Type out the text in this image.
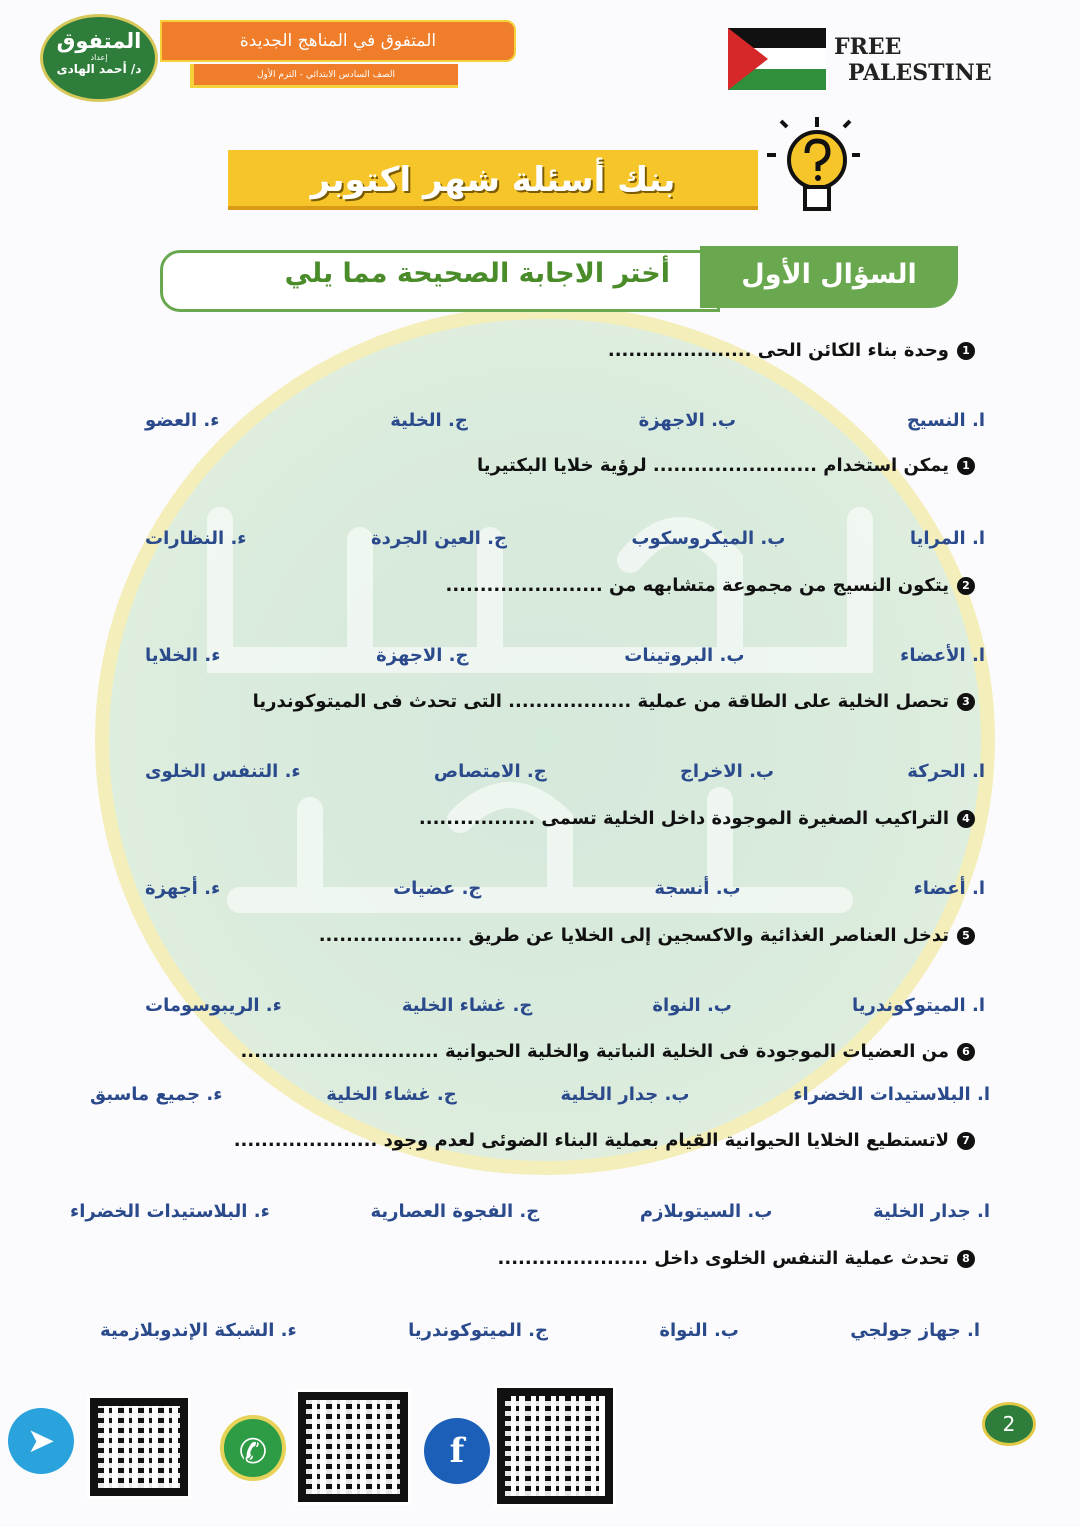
المتفوق
إعداد
د/ أحمد الهادى
المتفوق في المناهج الجديدة
الصف السادس الابتدائي - الترم الأول
FREE
PALESTINE
بنك أسئلة شهر اكتوبر
أختر الاجابة الصحيحة مما يلي	السؤال الأول
1وحدة بناء الكائن الحى .....................
ا. النسيج
ب. الاجهزة
ج. الخلية
ء. العضو
1يمكن استخدام ........................ لرؤية خلايا البكتيريا
ا. المرايا
ب. الميكروسكوب
ج. العين الجردة
ء. النظارات
2يتكون النسيج من مجموعة متشابهه من .......................
ا. الأعضاء
ب. البروتينات
ج. الاجهزة
ء. الخلايا
3تحصل الخلية على الطاقة من عملية .................. التى تحدث فى الميتوكوندريا
ا. الحركة
ب. الاخراج
ج. الامتصاص
ء. التنفس الخلوى
4التراكيب الصغيرة الموجودة داخل الخلية تسمى .................
ا. أعضاء
ب. أنسجة
ج. عضيات
ء. أجهزة
5تدخل العناصر الغذائية والاكسجين إلى الخلايا عن طريق .....................
ا. الميتوكوندريا
ب. النواة
ج. غشاء الخلية
ء. الريبوسومات
6من العضيات الموجودة فى الخلية النباتية والخلية الحيوانية .............................
ا. البلاستيدات الخضراء
ب. جدار الخلية
ج. غشاء الخلية
ء. جميع ماسبق
7لاتستطيع الخلايا الحيوانية القيام بعملية البناء الضوئى لعدم وجود .....................
ا. جدار الخلية
ب. السيتوبلازم
ج. الفجوة العصارية
ء. البلاستيدات الخضراء
8تحدث عملية التنفس الخلوى داخل ......................
ا. جهاز جولجي
ب. النواة
ج. الميتوكوندريا
ء. الشبكة الإندوبلازمية
➤	✆	f
2
